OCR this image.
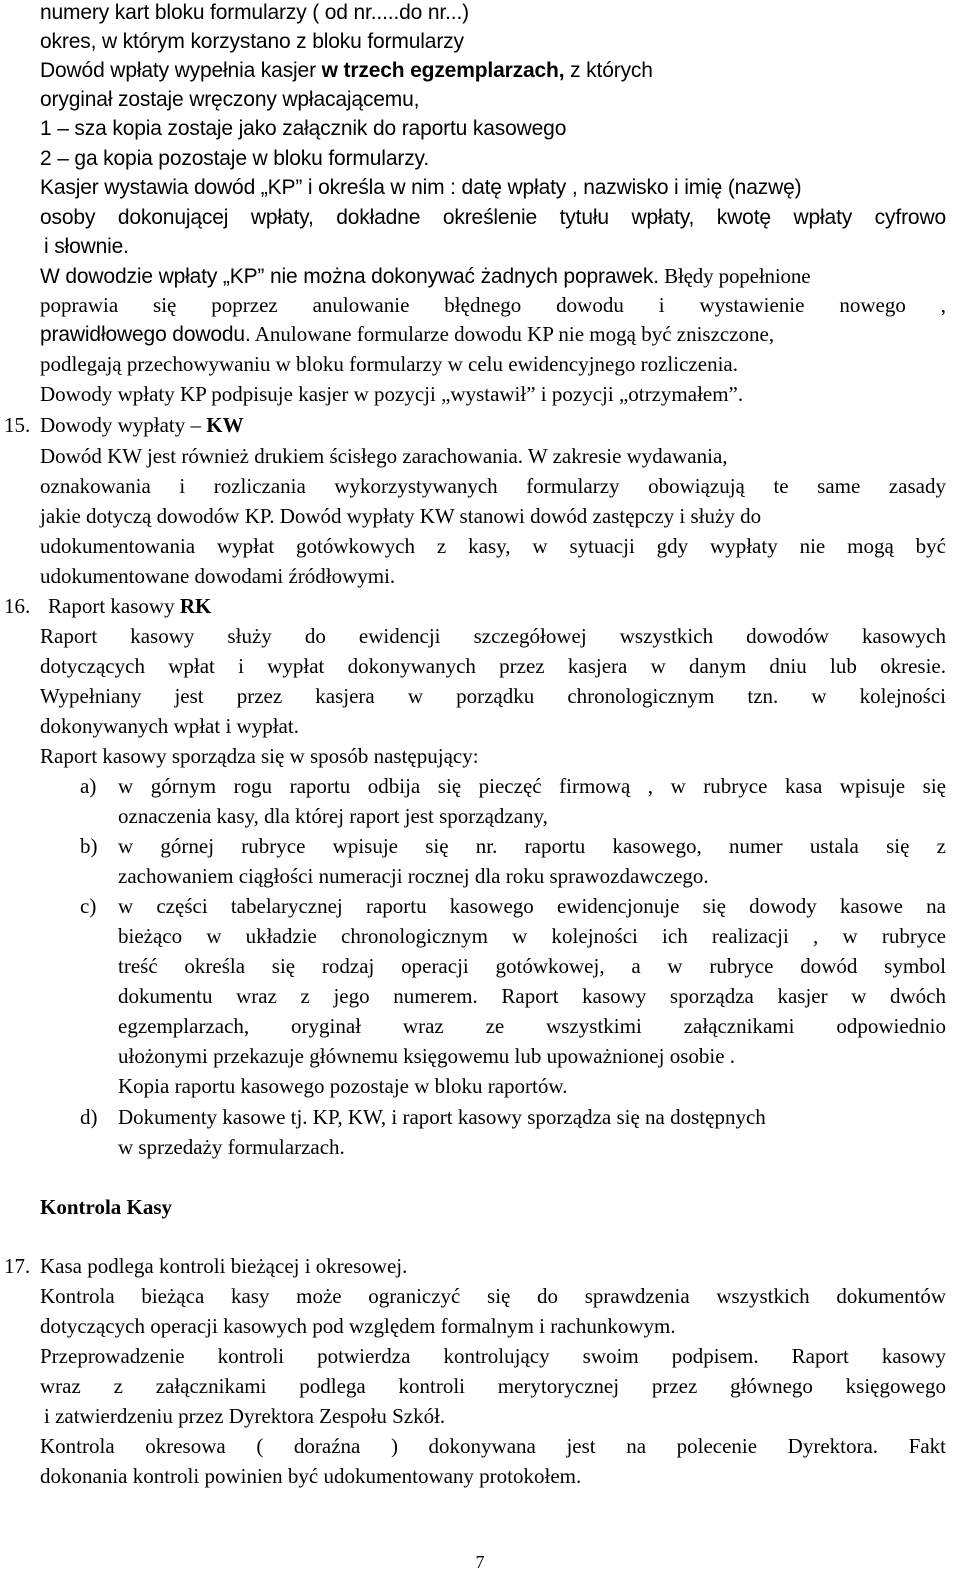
numery kart bloku formularzy ( od nr.....do nr...)
okres, w którym korzystano z bloku formularzy
Dowód wpłaty wypełnia kasjer w trzech egzemplarzach, z których
oryginał zostaje wręczony wpłacającemu,
1 – sza kopia zostaje jako załącznik do raportu kasowego
2 – ga kopia pozostaje w bloku formularzy.
Kasjer wystawia dowód „KP” i określa w nim : datę wpłaty , nazwisko i imię (nazwę)
osoby dokonującej wpłaty, dokładne określenie tytułu wpłaty, kwotę wpłaty cyfrowo
i słownie.
W dowodzie wpłaty „KP” nie można dokonywać żadnych poprawek. Błędy popełnione
poprawia się poprzez anulowanie błędnego dowodu i wystawienie nowego ,
prawidłowego dowodu. Anulowane formularze dowodu KP nie mogą być zniszczone,
podlegają przechowywaniu w bloku formularzy w celu ewidencyjnego rozliczenia.
Dowody wpłaty KP podpisuje kasjer w pozycji „wystawił” i pozycji „otrzymałem”.
15. Dowody wypłaty – KW
Dowód KW jest również drukiem ścisłego zarachowania. W zakresie wydawania,
oznakowania i rozliczania wykorzystywanych formularzy obowiązują te same zasady
jakie dotyczą dowodów KP. Dowód wypłaty KW stanowi dowód zastępczy i służy do
udokumentowania wypłat gotówkowych z kasy, w sytuacji gdy wypłaty nie mogą być
udokumentowane dowodami źródłowymi.
16. Raport kasowy RK
Raport kasowy służy do ewidencji szczegółowej wszystkich dowodów kasowych
dotyczących wpłat i wypłat dokonywanych przez kasjera w danym dniu lub okresie.
Wypełniany jest przez kasjera w porządku chronologicznym tzn. w kolejności
dokonywanych wpłat i wypłat.
Raport kasowy sporządza się w sposób następujący:
a) w górnym rogu raportu odbija się pieczęć firmową , w rubryce kasa wpisuje się
oznaczenia kasy, dla której raport jest sporządzany,
b) w górnej rubryce wpisuje się nr. raportu kasowego, numer ustala się z
zachowaniem ciągłości numeracji rocznej dla roku sprawozdawczego.
c) w części tabelarycznej raportu kasowego ewidencjonuje się dowody kasowe na
bieżąco w układzie chronologicznym w kolejności ich realizacji , w rubryce
treść określa się rodzaj operacji gotówkowej, a w rubryce dowód symbol
dokumentu wraz z jego numerem. Raport kasowy sporządza kasjer w dwóch
egzemplarzach, oryginał wraz ze wszystkimi załącznikami odpowiednio
ułożonymi przekazuje głównemu księgowemu lub upoważnionej osobie .
Kopia raportu kasowego pozostaje w bloku raportów.
d) Dokumenty kasowe tj. KP, KW, i raport kasowy sporządza się na dostępnych
w sprzedaży formularzach.
Kontrola Kasy
17. Kasa podlega kontroli bieżącej i okresowej.
Kontrola bieżąca kasy może ograniczyć się do sprawdzenia wszystkich dokumentów
dotyczących operacji kasowych pod względem formalnym i rachunkowym.
Przeprowadzenie kontroli potwierdza kontrolujący swoim podpisem. Raport kasowy
wraz z załącznikami podlega kontroli merytorycznej przez głównego księgowego
i zatwierdzeniu przez Dyrektora Zespołu Szkół.
Kontrola okresowa ( doraźna ) dokonywana jest na polecenie Dyrektora. Fakt
dokonania kontroli powinien być udokumentowany protokołem.
7
